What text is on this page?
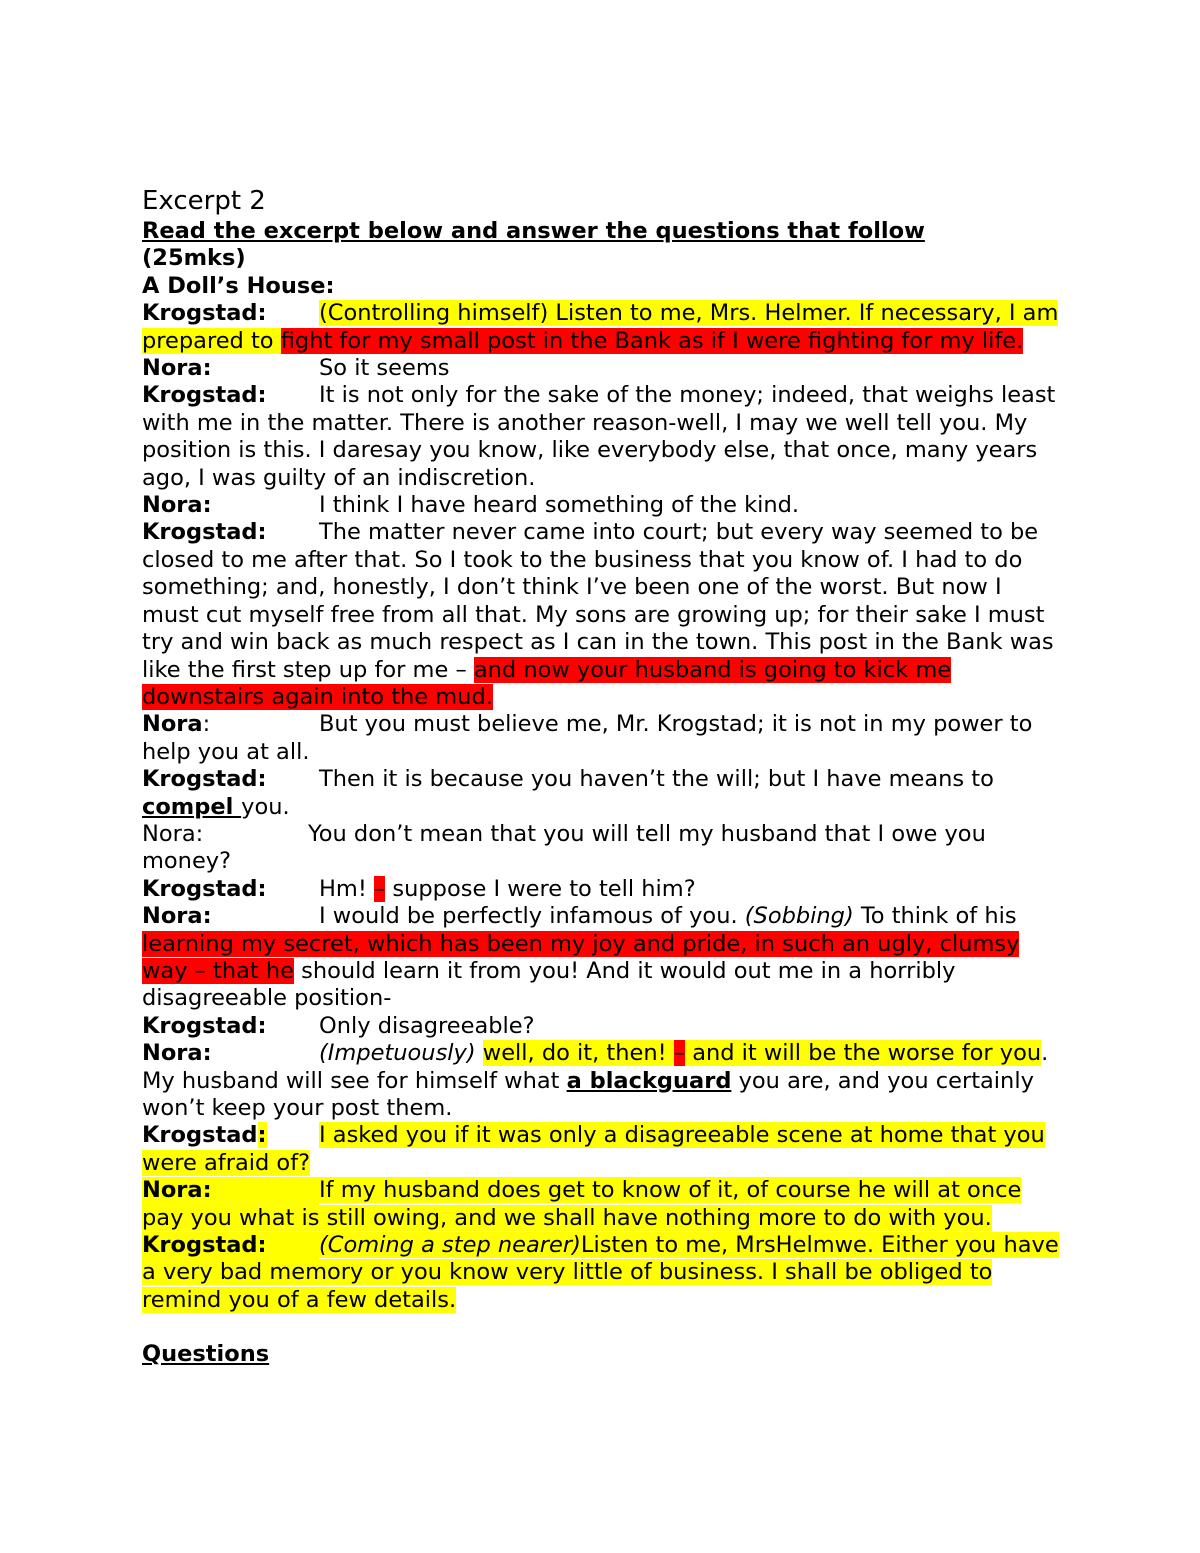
Excerpt 2

Read the excerpt below and answer the questions that follow

(25mks)

A Doll’s House:

Krogstad: (Controlling himself) Listen to me, Mrs. Helmer. If necessary, I am prepared to fight for my small post in the Bank as if I were fighting for my life.

Nora:	So it seems

Krogstad: It is not only for the sake of the money; indeed, that weighs least with me in the matter. There is another reason-well, I may we well tell you. My position is this. I daresay you know, like everybody else, that once, many years ago, I was guilty of an indiscretion.

Nora:	I think I have heard something of the kind.

Krogstad: The matter never came into court; but every way seemed to be closed to me after that. So I took to the business that you know of. I had to do something; and, honestly, I don’t think I’ve been one of the worst. But now I must cut myself free from all that. My sons are growing up; for their sake I must try and win back as much respect as I can in the town. This post in the Bank was like the first step up for me – and now your husband is going to kick me downstairs again into the mud.

Nora:	But you must believe me, Mr. Krogstad; it is not in my power to help you at all.

Krogstad: Then it is because you haven’t the will; but I have means to compel you.

Nora:	You don’t mean that you will tell my husband that I owe you money?

Krogstad: Hm! – suppose I were to tell him?

Nora:	I would be perfectly infamous of you. (Sobbing) To think of his learning my secret, which has been my joy and pride, in such an ugly, clumsy way – that he should learn it from you! And it would out me in a horribly disagreeable position-

Krogstad: Only disagreeable?

Nora:	(Impetuously) well, do it, then! – and it will be the worse for you. My husband will see for himself what a blackguard you are, and you certainly won’t keep your post them.

Krogstad: I asked you if it was only a disagreeable scene at home that you were afraid of?

Nora:	If my husband does get to know of it, of course he will at once pay you what is still owing, and we shall have nothing more to do with you.

Krogstad: (Coming a step nearer)Listen to me, MrsHelmwe. Either you have a very bad memory or you know very little of business. I shall be obliged to remind you of a few details.

Questions
